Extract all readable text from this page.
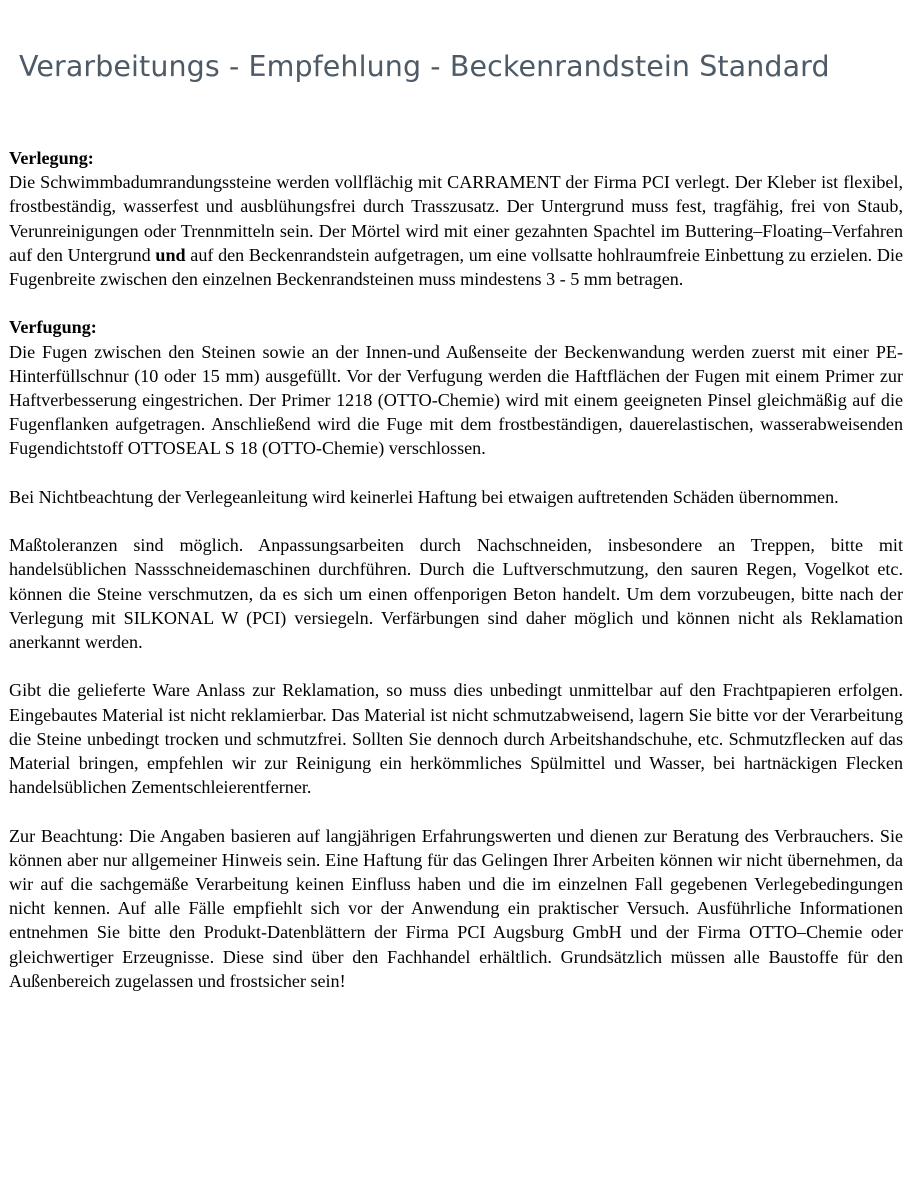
Verarbeitungs - Empfehlung - Beckenrandstein Standard
Verlegung:

Die Schwimmbadumrandungssteine werden vollflächig mit CARRAMENT der Firma PCI verlegt. Der Kleber ist flexibel, frostbeständig, wasserfest und ausblühungsfrei durch Trasszusatz. Der Untergrund muss fest, tragfähig, frei von Staub, Verunreinigungen oder Trennmitteln sein. Der Mörtel wird mit einer gezahnten Spachtel im Buttering–Floating–Verfahren auf den Untergrund und auf den Beckenrandstein aufgetragen, um eine vollsatte hohlraumfreie Einbettung zu erzielen. Die Fugenbreite zwischen den einzelnen Beckenrandsteinen muss mindestens 3 - 5 mm betragen.

Verfugung:

Die Fugen zwischen den Steinen sowie an der Innen-und Außenseite der Beckenwandung werden zuerst mit einer PE-Hinterfüllschnur (10 oder 15 mm) ausgefüllt. Vor der Verfugung werden die Haftflächen der Fugen mit einem Primer zur Haftverbesserung eingestrichen. Der Primer 1218 (OTTO-Chemie) wird mit einem geeigneten Pinsel gleichmäßig auf die Fugenflanken aufgetragen. Anschließend wird die Fuge mit dem frostbeständigen, dauerelastischen, wasserabweisenden Fugendichtstoff OTTOSEAL S 18 (OTTO-Chemie) verschlossen.

Bei Nichtbeachtung der Verlegeanleitung wird keinerlei Haftung bei etwaigen auftretenden Schäden übernommen.

Maßtoleranzen sind möglich. Anpassungsarbeiten durch Nachschneiden, insbesondere an Treppen, bitte mit handelsüblichen Nassschneidemaschinen durchführen. Durch die Luftverschmutzung, den sauren Regen, Vogelkot etc. können die Steine verschmutzen, da es sich um einen offenporigen Beton handelt. Um dem vorzubeugen, bitte nach der Verlegung mit SILKONAL W (PCI) versiegeln. Verfärbungen sind daher möglich und können nicht als Reklamation anerkannt werden.

Gibt die gelieferte Ware Anlass zur Reklamation, so muss dies unbedingt unmittelbar auf den Frachtpapieren erfolgen. Eingebautes Material ist nicht reklamierbar. Das Material ist nicht schmutzabweisend, lagern Sie bitte vor der Verarbeitung die Steine unbedingt trocken und schmutzfrei. Sollten Sie dennoch durch Arbeitshandschuhe, etc. Schmutzflecken auf das Material bringen, empfehlen wir zur Reinigung ein herkömmliches Spülmittel und Wasser, bei hartnäckigen Flecken handelsüblichen Zementschleierentferner.

Zur Beachtung: Die Angaben basieren auf langjährigen Erfahrungswerten und dienen zur Beratung des Verbrauchers. Sie können aber nur allgemeiner Hinweis sein. Eine Haftung für das Gelingen Ihrer Arbeiten können wir nicht übernehmen, da wir auf die sachgemäße Verarbeitung keinen Einfluss haben und die im einzelnen Fall gegebenen Verlegebedingungen nicht kennen. Auf alle Fälle empfiehlt sich vor der Anwendung ein praktischer Versuch. Ausführliche Informationen entnehmen Sie bitte den Produkt-Datenblättern der Firma PCI Augsburg GmbH und der Firma OTTO–Chemie oder gleichwertiger Erzeugnisse. Diese sind über den Fachhandel erhältlich. Grundsätzlich müssen alle Baustoffe für den Außenbereich zugelassen und frostsicher sein!
